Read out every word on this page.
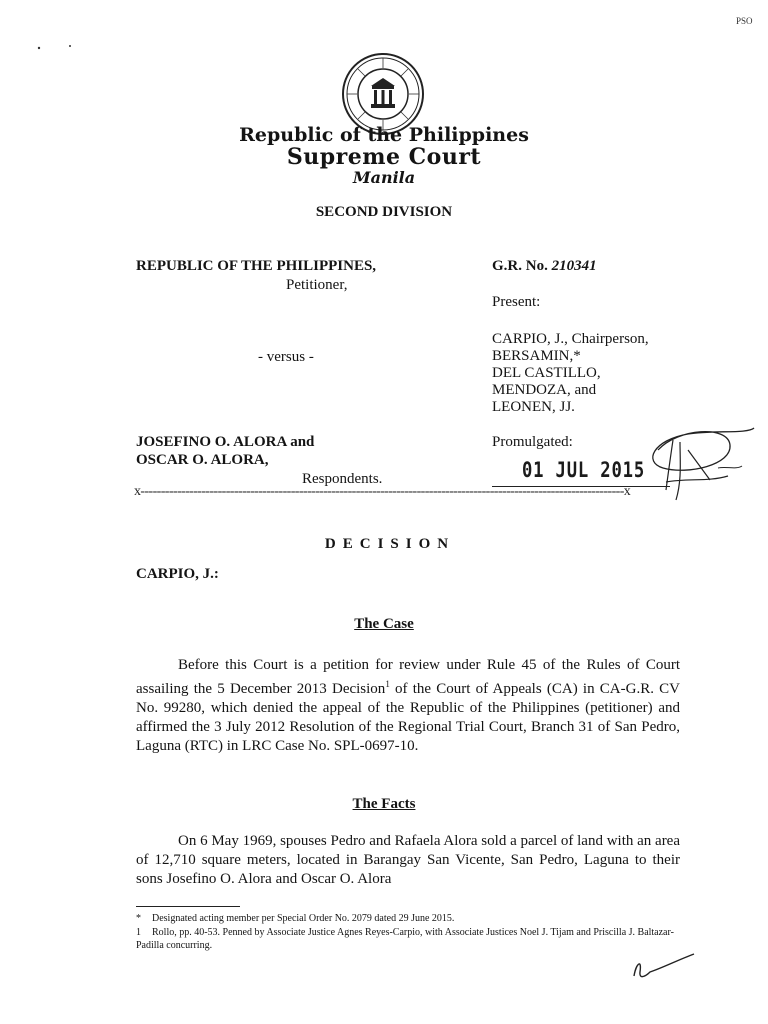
PSO
Republic of the Philippines
Supreme Court
Manila
SECOND DIVISION
REPUBLIC OF THE PHILIPPINES,
Petitioner,
- versus -
JOSEFINO O. ALORA and
OSCAR O. ALORA,
Respondents.
G.R. No. 210341
Present:
CARPIO, J., Chairperson,
BERSAMIN,*
DEL CASTILLO,
MENDOZA, and
LEONEN, JJ.
Promulgated:
01 JUL 2015
x-----------------------------------------------------------------------------------------------------------------------x
DECISION
CARPIO, J.:
The Case
Before this Court is a petition for review under Rule 45 of the Rules of Court assailing the 5 December 2013 Decision$^1$ of the Court of Appeals (CA) in CA-G.R. CV No. 99280, which denied the appeal of the Republic of the Philippines (petitioner) and affirmed the 3 July 2012 Resolution of the Regional Trial Court, Branch 31 of San Pedro, Laguna (RTC) in LRC Case No. SPL-0697-10.
The Facts
On 6 May 1969, spouses Pedro and Rafaela Alora sold a parcel of land with an area of 12,710 square meters, located in Barangay San Vicente, San Pedro, Laguna to their sons Josefino O. Alora and Oscar O. Alora
* Designated acting member per Special Order No. 2079 dated 29 June 2015.
1 Rollo, pp. 40-53. Penned by Associate Justice Agnes Reyes-Carpio, with Associate Justices Noel J. Tijam and Priscilla J. Baltazar-Padilla concurring.
